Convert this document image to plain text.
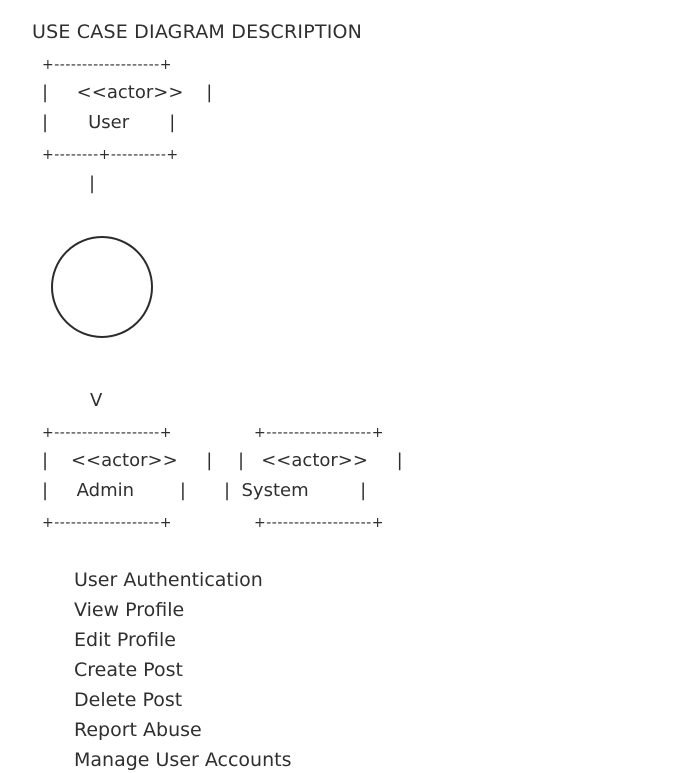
USE CASE DIAGRAM DESCRIPTION
+-------------------+
|     <<actor>>    |
|       User       |
+--------+----------+
|
V
+-------------------+
|    <<actor>>     |
|     Admin        |
+-------------------+
+-------------------+
|   <<actor>>     |
|  System         |
+-------------------+
User Authentication
View Profile
Edit Profile
Create Post
Delete Post
Report Abuse
Manage User Accounts
